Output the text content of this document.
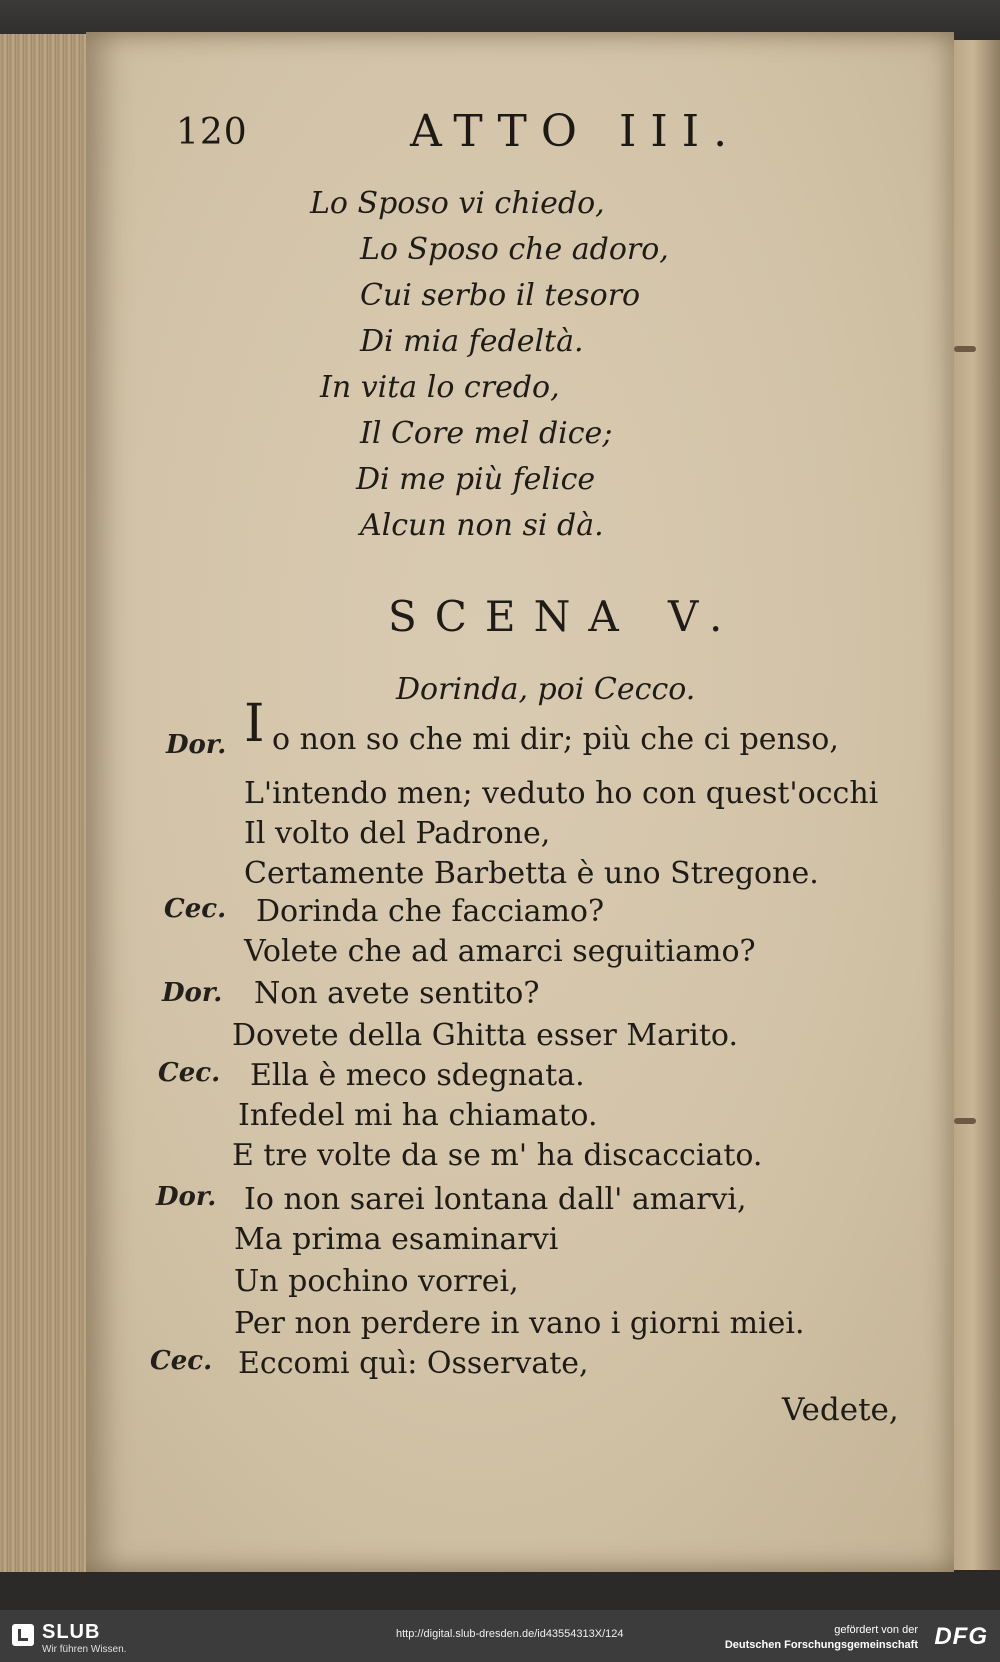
120	ATTO III.
Lo Sposo vi chiedo,
Lo Sposo che adoro,
Cui serbo il tesoro
Di mia fedeltà.
In vita lo credo,
Il Core mel dice;
Di me più felice
Alcun non si dà.
SCENA V.
Dorinda, poi Cecco.
Dor. I o non so che mi dir; più che ci penso,
L'intendo men; veduto ho con quest'occhi
Il volto del Padrone,
Certamente Barbetta è uno Stregone.
Cec. Dorinda che facciamo?
Volete che ad amarci seguitiamo?
Dor. Non avete sentito?
Dovete della Ghitta esser Marito.
Cec. Ella è meco sdegnata.
Infedel mi ha chiamato.
E tre volte da se m' ha discacciato.
Dor. Io non sarei lontana dall' amarvi,
Ma prima esaminarvi
Un pochino vorrei,
Per non perdere in vano i giorni miei.
Cec. Eccomi quì: Osservate,
Vedete,
SLUB
Wir führen Wissen.
http://digital.slub-dresden.de/id43554313X/124	gefördert von der
Deutschen Forschungsgemeinschaft DFG
